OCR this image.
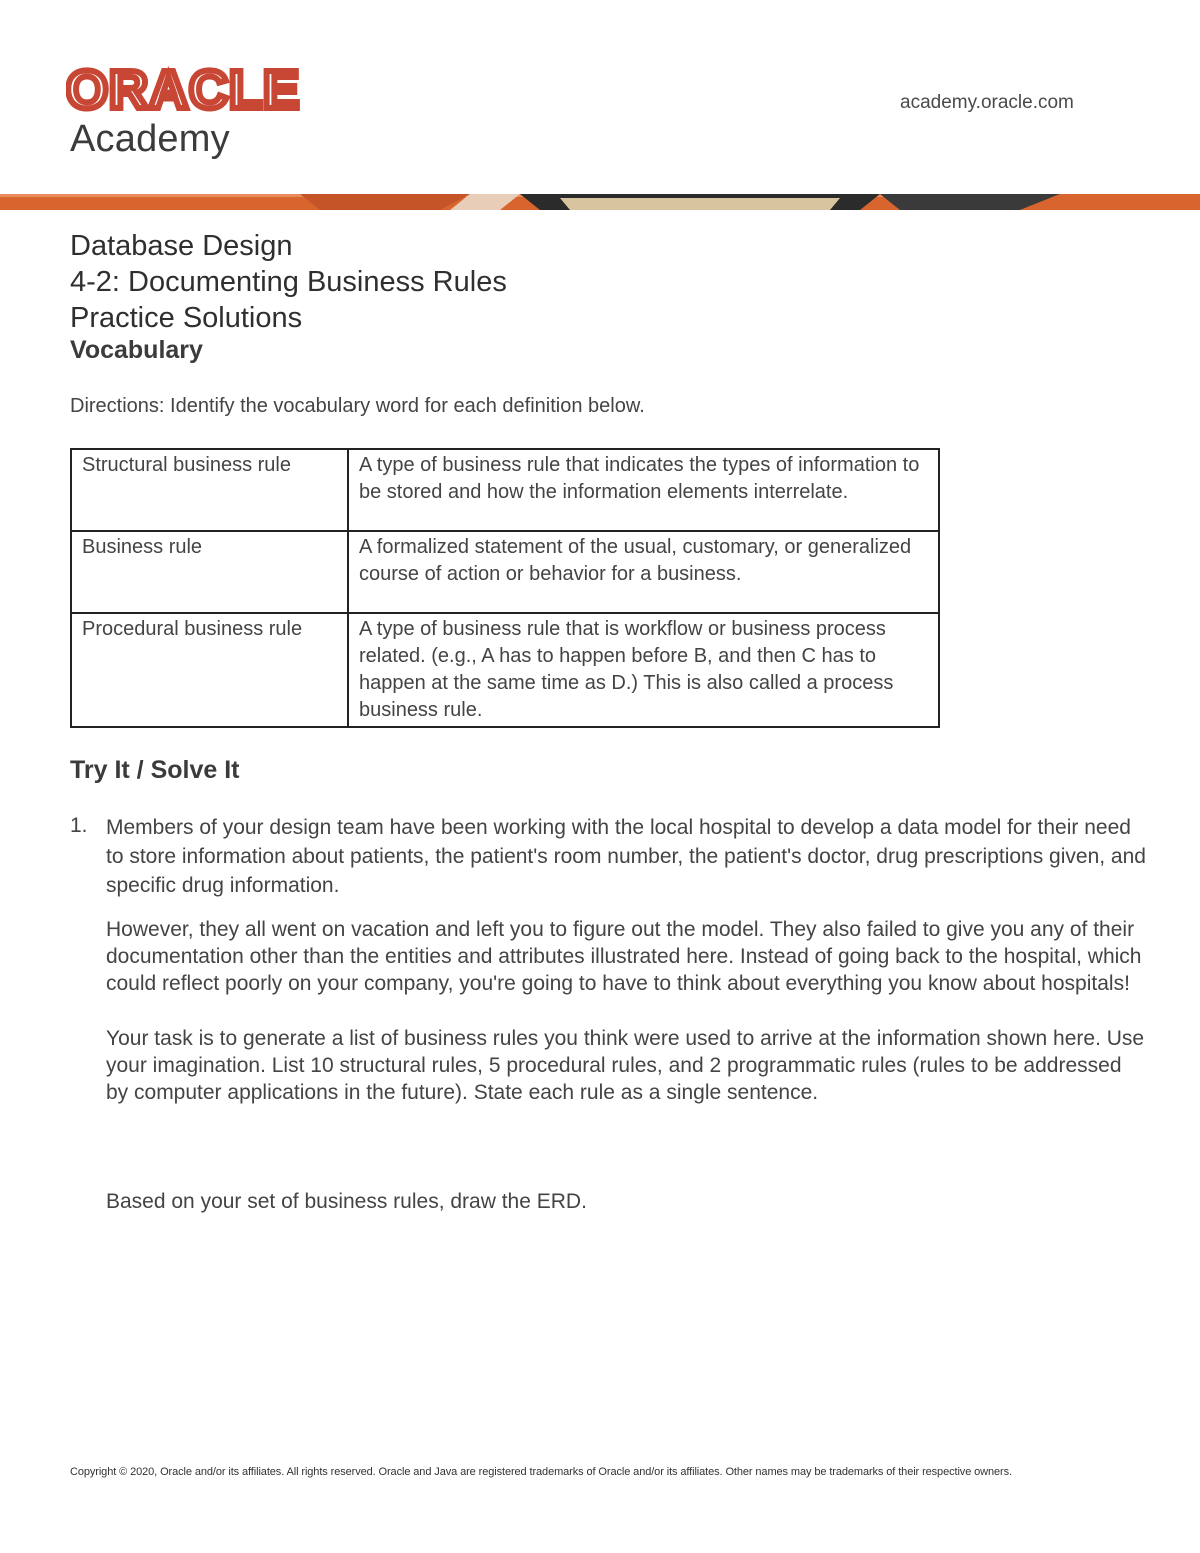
ORACLE
Academy
academy.oracle.com
Database Design
4-2: Documenting Business Rules
Practice Solutions
Vocabulary
Directions: Identify the vocabulary word for each definition below.
Structural business rule	A type of business rule that indicates the types of information to be stored and how the information elements interrelate.
Business rule	A formalized statement of the usual, customary, or generalized course of action or behavior for a business.
Procedural business rule	A type of business rule that is workflow or business process related. (e.g., A has to happen before B, and then C has to happen at the same time as D.) This is also called a process business rule.
Try It / Solve It
1. Members of your design team have been working with the local hospital to develop a data model for their need to store information about patients, the patient's room number, the patient's doctor, drug prescriptions given, and specific drug information.
However, they all went on vacation and left you to figure out the model. They also failed to give you any of their documentation other than the entities and attributes illustrated here. Instead of going back to the hospital, which could reflect poorly on your company, you're going to have to think about everything you know about hospitals!
Your task is to generate a list of business rules you think were used to arrive at the information shown here. Use your imagination. List 10 structural rules, 5 procedural rules, and 2 programmatic rules (rules to be addressed by computer applications in the future). State each rule as a single sentence.
Based on your set of business rules, draw the ERD.
Copyright © 2020, Oracle and/or its affiliates. All rights reserved. Oracle and Java are registered trademarks of Oracle and/or its affiliates. Other names may be trademarks of their respective owners.
